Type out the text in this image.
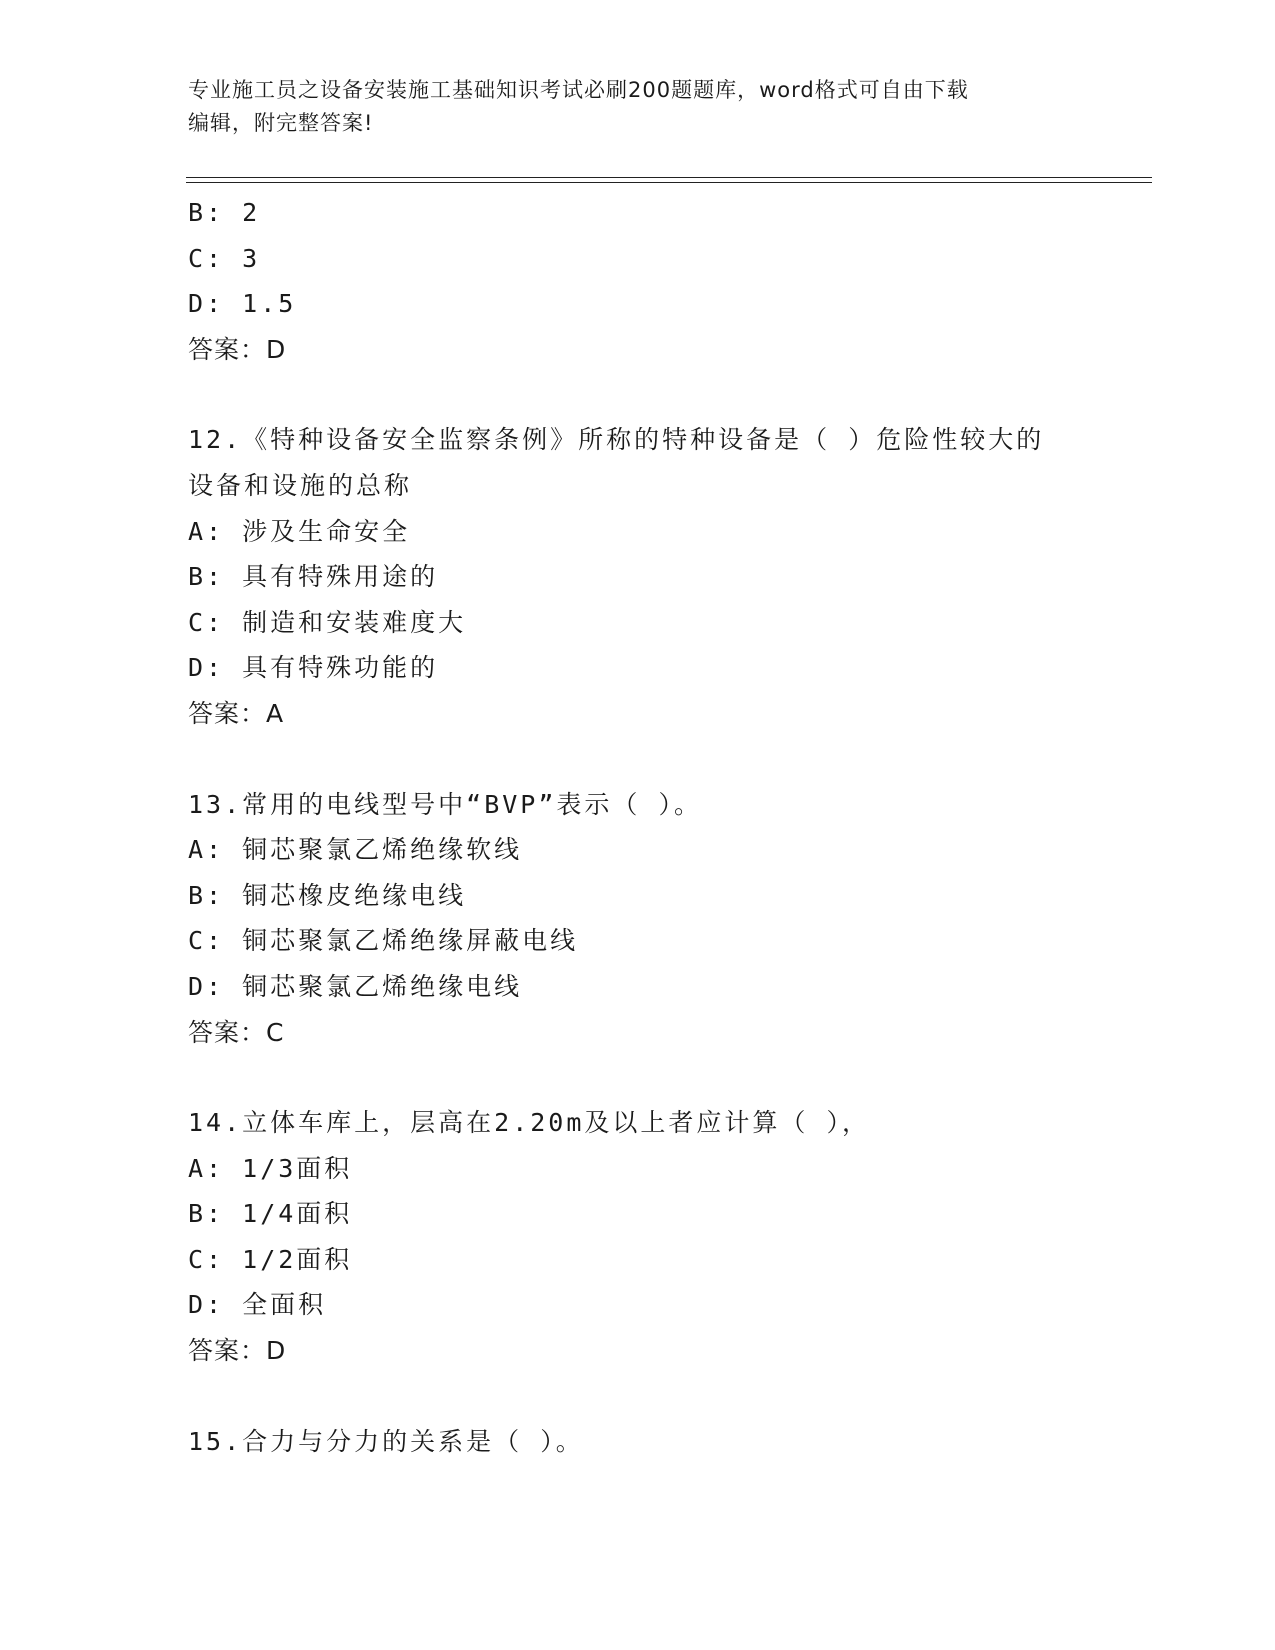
专业施工员之设备安装施工基础知识考试必刷200题题库，word格式可自由下载
编辑，附完整答案!
B: 2
C: 3
D: 1.5
答案：D
12.《特种设备安全监察条例》所称的特种设备是（ ）危险性较大的
设备和设施的总称
A: 涉及生命安全
B: 具有特殊用途的
C: 制造和安装难度大
D: 具有特殊功能的
答案：A
13.常用的电线型号中“BVP”表示（ ）。
A: 铜芯聚氯乙烯绝缘软线
B: 铜芯橡皮绝缘电线
C: 铜芯聚氯乙烯绝缘屏蔽电线
D: 铜芯聚氯乙烯绝缘电线
答案：C
14.立体车库上，层高在2.20m及以上者应计算（ ），
A: 1/3面积
B: 1/4面积
C: 1/2面积
D: 全面积
答案：D
15.合力与分力的关系是（ ）。
